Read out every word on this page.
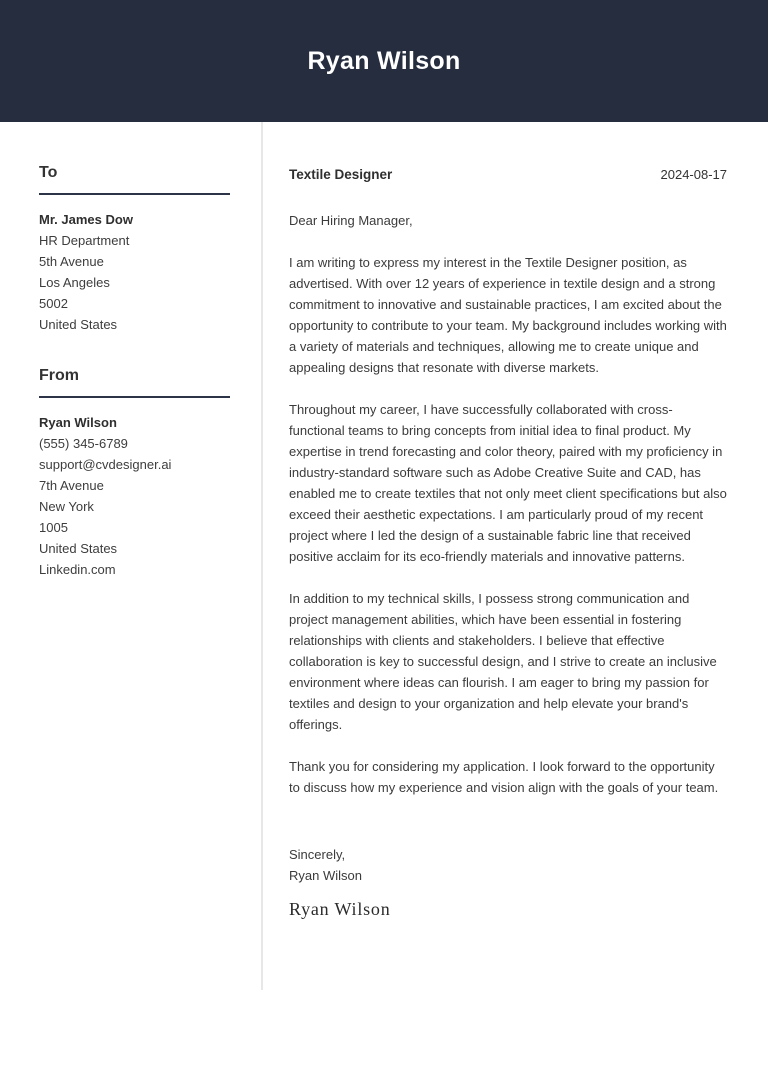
Ryan Wilson
To
Mr. James Dow
HR Department
5th Avenue
Los Angeles
5002
United States
From
Ryan Wilson
(555) 345-6789
support@cvdesigner.ai
7th Avenue
New York
1005
United States
Linkedin.com
Textile Designer	2024-08-17
Dear Hiring Manager,

I am writing to express my interest in the Textile Designer position, as advertised. With over 12 years of experience in textile design and a strong commitment to innovative and sustainable practices, I am excited about the opportunity to contribute to your team. My background includes working with a variety of materials and techniques, allowing me to create unique and appealing designs that resonate with diverse markets.

Throughout my career, I have successfully collaborated with cross-functional teams to bring concepts from initial idea to final product. My expertise in trend forecasting and color theory, paired with my proficiency in industry-standard software such as Adobe Creative Suite and CAD, has enabled me to create textiles that not only meet client specifications but also exceed their aesthetic expectations. I am particularly proud of my recent project where I led the design of a sustainable fabric line that received positive acclaim for its eco-friendly materials and innovative patterns.

In addition to my technical skills, I possess strong communication and project management abilities, which have been essential in fostering relationships with clients and stakeholders. I believe that effective collaboration is key to successful design, and I strive to create an inclusive environment where ideas can flourish. I am eager to bring my passion for textiles and design to your organization and help elevate your brand's offerings.

Thank you for considering my application. I look forward to the opportunity to discuss how my experience and vision align with the goals of your team.

Sincerely,
Ryan Wilson
Ryan Wilson
